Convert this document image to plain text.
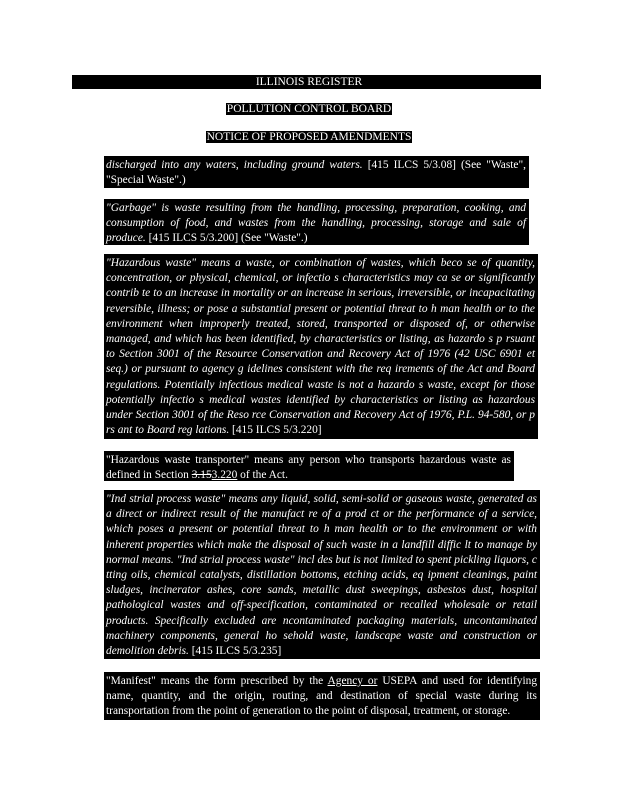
ILLINOIS REGISTER
POLLUTION CONTROL BOARD
NOTICE OF PROPOSED AMENDMENTS

discharged into any waters, including ground waters. [415 ILCS 5/3.08] (See "Waste", "Special Waste".)

"Garbage" is waste resulting from the handling, processing, preparation, cooking, and consumption of food, and wastes from the handling, processing, storage and sale of produce. [415 ILCS 5/3.200] (See "Waste".)

"Hazardous waste" means a waste, or combination of wastes, which beco se of quantity, concentration, or physical, chemical, or infectio s characteristics may ca se or significantly contrib te to an increase in mortality or an increase in serious, irreversible, or incapacitating reversible, illness; or pose a substantial present or potential threat to h man health or to the environment when improperly treated, stored, transported or disposed of, or otherwise managed, and which has been identified, by characteristics or listing, as hazardo s p rsuant to Section 3001 of the Resource Conservation and Recovery Act of 1976 (42 USC 6901 et seq.) or pursuant to agency g idelines consistent with the req irements of the Act and Board regulations. Potentially infectious medical waste is not a hazardo s waste, except for those potentially infectio s medical wastes identified by characteristics or listing as hazardous under Section 3001 of the Reso rce Conservation and Recovery Act of 1976, P.L. 94-580, or p rs ant to Board reg lations. [415 ILCS 5/3.220]

"Hazardous waste transporter" means any person who transports hazardous waste as defined in Section 3.153.220 of the Act.

"Ind strial process waste" means any liquid, solid, semi-solid or gaseous waste, generated as a direct or indirect result of the manufact re of a prod ct or the performance of a service, which poses a present or potential threat to h man health or to the environment or with inherent properties which make the disposal of such waste in a landfill diffic lt to manage by normal means. "Ind strial process waste" incl des but is not limited to spent pickling liquors, c tting oils, chemical catalysts, distillation bottoms, etching acids, eq ipment cleanings, paint sludges, incinerator ashes, core sands, metallic dust sweepings, asbestos dust, hospital pathological wastes and off-specification, contaminated or recalled wholesale or retail products. Specifically excluded are ncontaminated packaging materials, uncontaminated machinery components, general ho sehold waste, landscape waste and construction or demolition debris. [415 ILCS 5/3.235]

"Manifest" means the form prescribed by the Agency or USEPA and used for identifying name, quantity, and the origin, routing, and destination of special waste during its transportation from the point of generation to the point of disposal, treatment, or storage.
